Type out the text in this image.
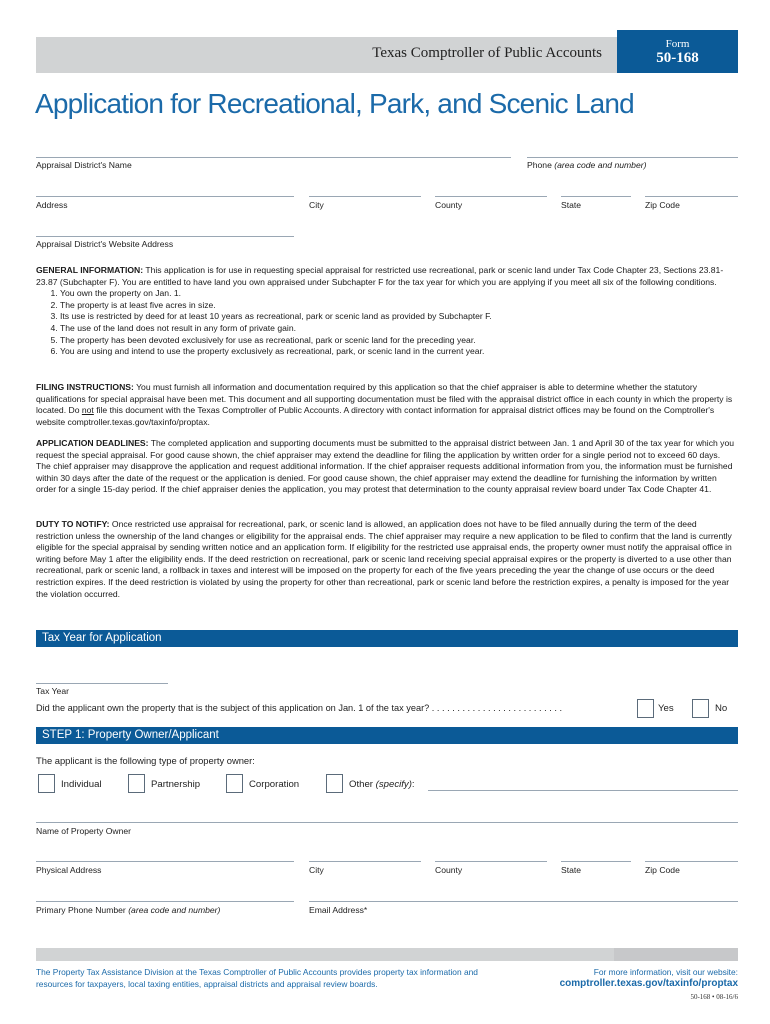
Texas Comptroller of Public Accounts
Form
50-168
Application for Recreational, Park, and Scenic Land
Appraisal District's Name	Phone (area code and number)
Address	City	County	State	Zip Code
Appraisal District's Website Address

GENERAL INFORMATION: This application is for use in requesting special appraisal for restricted use recreational, park or scenic land under Tax Code Chapter 23, Sections 23.81-23.87 (Subchapter F). You are entitled to have land you own appraised under Subchapter F for the tax year for which you are applying if you meet all six of the following conditions.

1. You own the property on Jan. 1.
2. The property is at least five acres in size.
3. Its use is restricted by deed for at least 10 years as recreational, park or scenic land as provided by Subchapter F.
4. The use of the land does not result in any form of private gain.
5. The property has been devoted exclusively for use as recreational, park or scenic land for the preceding year.
6. You are using and intend to use the property exclusively as recreational, park, or scenic land in the current year.

FILING INSTRUCTIONS: You must furnish all information and documentation required by this application so that the chief appraiser is able to determine whether the statutory qualifications for special appraisal have been met. This document and all supporting documentation must be filed with the appraisal district office in each county in which the property is located. Do not file this document with the Texas Comptroller of Public Accounts. A directory with contact information for appraisal district offices may be found on the Comptroller's website comptroller.texas.gov/taxinfo/proptax.

APPLICATION DEADLINES: The completed application and supporting documents must be submitted to the appraisal district between Jan. 1 and April 30 of the tax year for which you request the special appraisal. For good cause shown, the chief appraiser may extend the deadline for filing the application by written order for a single period not to exceed 60 days. The chief appraiser may disapprove the application and request additional information. If the chief appraiser requests additional information from you, the information must be furnished within 30 days after the date of the request or the application is denied. For good cause shown, the chief appraiser may extend the deadline for furnishing the information by written order for a single 15-day period. If the chief appraiser denies the application, you may protest that determination to the county appraisal review board under Tax Code Chapter 41.

DUTY TO NOTIFY: Once restricted use appraisal for recreational, park, or scenic land is allowed, an application does not have to be filed annually during the term of the deed restriction unless the ownership of the land changes or eligibility for the appraisal ends. The chief appraiser may require a new application to be filed to confirm that the land is currently eligible for the special appraisal by sending written notice and an application form. If eligibility for the restricted use appraisal ends, the property owner must notify the appraisal office in writing before May 1 after the eligibility ends. If the deed restriction on recreational, park or scenic land receiving special appraisal expires or the property is diverted to a use other than recreational, park or scenic land, a rollback in taxes and interest will be imposed on the property for each of the five years preceding the year the change of use occurs or the deed restriction expires. If the deed restriction is violated by using the property for other than recreational, park or scenic land before the restriction expires, a penalty is imposed for the year the violation occurred.

Tax Year for Application
Tax Year
Did the applicant own the property that is the subject of this application on Jan. 1 of the tax year? . . . . . . . . . . . . . . . . . . . . . . . . . .	Yes	No
STEP 1: Property Owner/Applicant
The applicant is the following type of property owner:
Individual	Partnership	Corporation	Other (specify):
Name of Property Owner
Physical Address	City	County	State	Zip Code
Primary Phone Number (area code and number)	Email Address*
The Property Tax Assistance Division at the Texas Comptroller of Public Accounts provides property tax information and resources for taxpayers, local taxing entities, appraisal districts and appraisal review boards.
For more information, visit our website:
comptroller.texas.gov/taxinfo/proptax
50-168 • 08-16/6
